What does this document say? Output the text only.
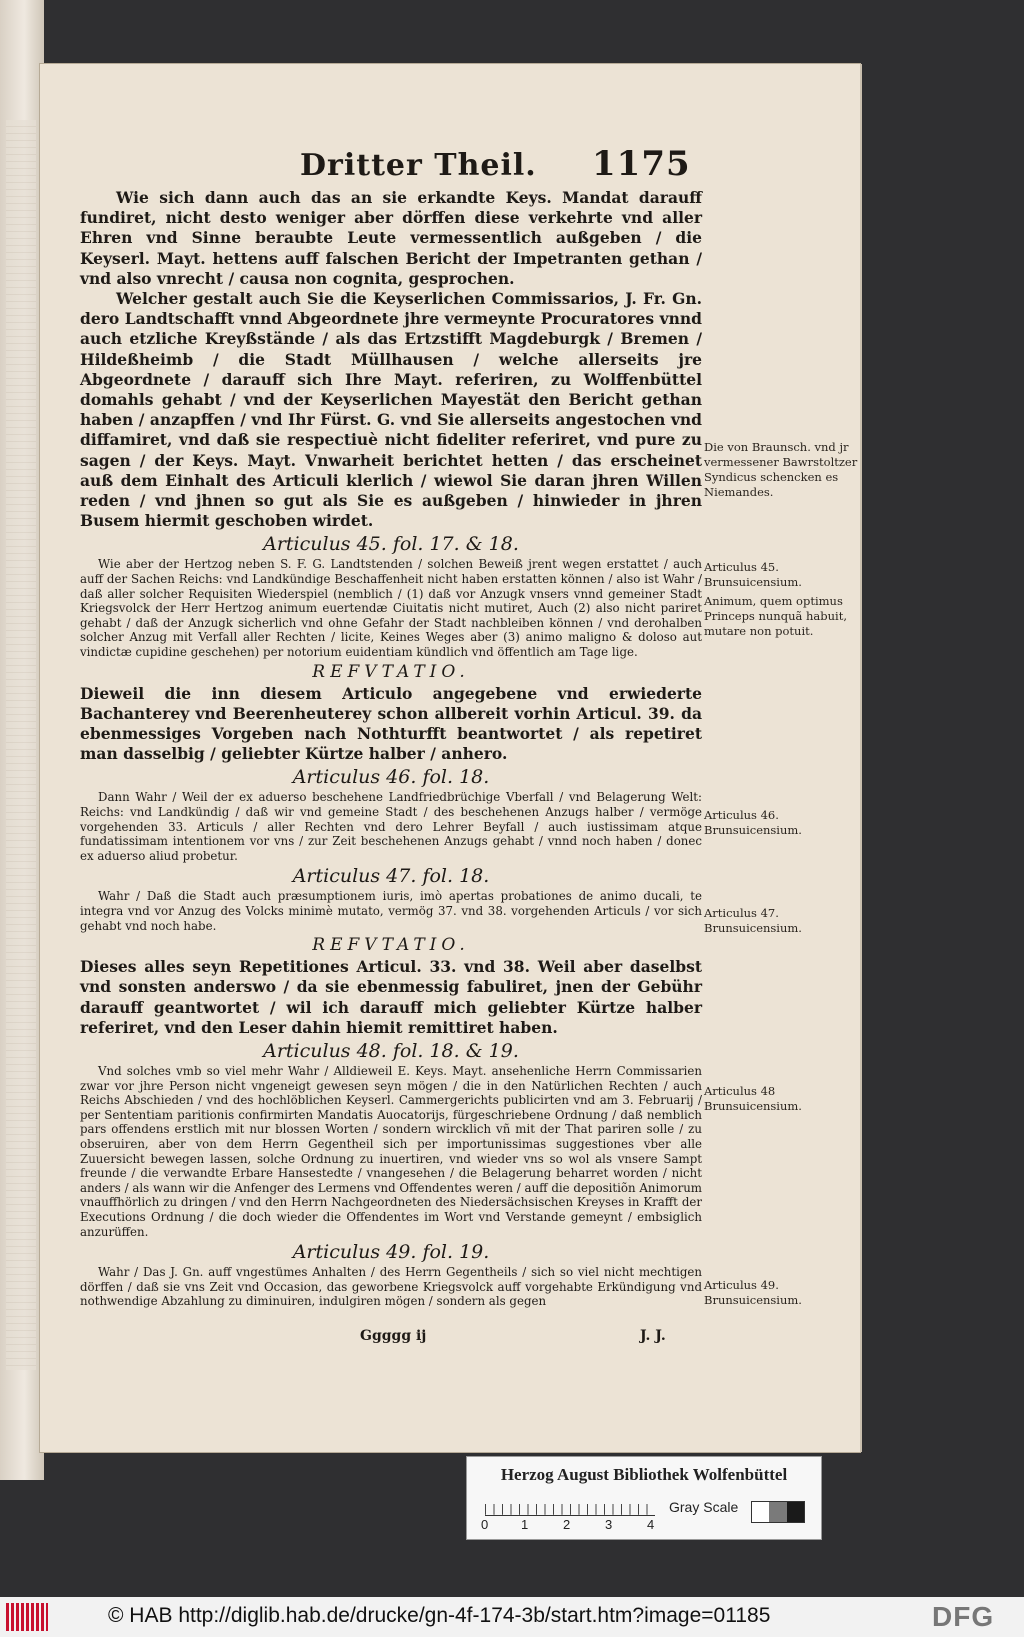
Dritter Theil. 1175

Wie sich dann auch das an sie erkandte Keys. Mandat darauff fundiret, nicht desto weniger aber dörffen diese verkehrte vnd aller Ehren vnd Sinne beraubte Leute vermessentlich außgeben / die Keyserl. Mayt. hettens auff falschen Bericht der Impetranten gethan / vnd also vnrecht / causa non cognita, gesprochen.

Welcher gestalt auch Sie die Keyserlichen Commissarios, J. Fr. Gn. dero Landtschafft vnnd Abgeordnete jhre vermeynte Procuratores vnnd auch etzliche Kreyßstände / als das Ertzstifft Magdeburgk / Bremen / Hildeßheimb / die Stadt Müllhausen / welche allerseits jre Abgeordnete / darauff sich Ihre Mayt. referiren, zu Wolffenbüttel domahls gehabt / vnd der Keyserlichen Mayestät den Bericht gethan haben / anzapffen / vnd Ihr Fürst. G. vnd Sie allerseits angestochen vnd diffamiret, vnd daß sie respectiuè nicht fideliter referiret, vnd pure zu sagen / der Keys. Mayt. Vnwarheit berichtet hetten / das erscheinet auß dem Einhalt des Articuli klerlich / wiewol Sie daran jhren Willen reden / vnd jhnen so gut als Sie es außgeben / hinwieder in jhren Busem hiermit geschoben wirdet.

Articulus 45. fol. 17. & 18.

Wie aber der Hertzog neben S. F. G. Landtstenden / solchen Beweiß jrent wegen erstattet / auch auff der Sachen Reichs: vnd Landkündige Beschaffenheit nicht haben erstatten können / also ist Wahr / daß aller solcher Requisiten Wiederspiel (nemblich / (1) daß vor Anzugk vnsers vnnd gemeiner Stadt Kriegsvolck der Herr Hertzog animum euertendæ Ciuitatis nicht mutiret, Auch (2) also nicht pariret gehabt / daß der Anzugk sicherlich vnd ohne Gefahr der Stadt nachbleiben können / vnd derohalben solcher Anzug mit Verfall aller Rechten / licite, Keines Weges aber (3) animo maligno & doloso aut vindictæ cupidine geschehen) per notorium euidentiam kündlich vnd öffentlich am Tage lige.

REFVTATIO.

Dieweil die inn diesem Articulo angegebene vnd erwiederte Bachanterey vnd Beerenheuterey schon allbereit vorhin Articul. 39. da ebenmessiges Vorgeben nach Nothturfft beantwortet / als repetiret man dasselbig / geliebter Kürtze halber / anhero.

Articulus 46. fol. 18.

Dann Wahr / Weil der ex aduerso beschehene Landfriedbrüchige Vberfall / vnd Belagerung Welt: Reichs: vnd Landkündig / daß wir vnd gemeine Stadt / des beschehenen Anzugs halber / vermöge vorgehenden 33. Articuls / aller Rechten vnd dero Lehrer Beyfall / auch iustissimam atque fundatissimam intentionem vor vns / zur Zeit beschehenen Anzugs gehabt / vnnd noch haben / donec ex aduerso aliud probetur.

Articulus 47. fol. 18.

Wahr / Daß die Stadt auch præsumptionem iuris, imò apertas probationes de animo ducali, te integra vnd vor Anzug des Volcks minimè mutato, vermög 37. vnd 38. vorgehenden Articuls / vor sich gehabt vnd noch habe.

REFVTATIO.

Dieses alles seyn Repetitiones Articul. 33. vnd 38. Weil aber daselbst vnd sonsten anderswo / da sie ebenmessig fabuliret, jnen der Gebühr darauff geantwortet / wil ich darauff mich geliebter Kürtze halber referiret, vnd den Leser dahin hiemit remittiret haben.

Articulus 48. fol. 18. & 19.

Vnd solches vmb so viel mehr Wahr / Alldieweil E. Keys. Mayt. ansehenliche Herrn Commissarien zwar vor jhre Person nicht vngeneigt gewesen seyn mögen / die in den Natürlichen Rechten / auch Reichs Abschieden / vnd des hochlöblichen Keyserl. Cammergerichts publicirten vnd am 3. Februarij / per Sententiam paritionis confirmirten Mandatis Auocatorijs, fürgeschriebene Ordnung / daß nemblich pars offendens erstlich mit nur blossen Worten / sondern wircklich vñ mit der That pariren solle / zu obseruiren, aber von dem Herrn Gegentheil sich per importunissimas suggestiones vber alle Zuuersicht bewegen lassen, solche Ordnung zu inuertiren, vnd wieder vns so wol als vnsere Sampt freunde / die verwandte Erbare Hansestedte / vnangesehen / die Belagerung beharret worden / nicht anders / als wann wir die Anfenger des Lermens vnd Offendentes weren / auff die depositiõn Animorum vnauffhörlich zu dringen / vnd den Herrn Nachgeordneten des Niedersächsischen Kreyses in Krafft der Executions Ordnung / die doch wieder die Offendentes im Wort vnd Verstande gemeynt / embsiglich anzurüffen.

Articulus 49. fol. 19.

Wahr / Das J. Gn. auff vngestümes Anhalten / des Herrn Gegentheils / sich so viel nicht mechtigen dörffen / daß sie vns Zeit vnd Occasion, das geworbene Kriegsvolck auff vorgehabte Erkündigung vnd nothwendige Abzahlung zu diminuiren, indulgiren mögen / sondern als gegen

Die von Braunsch. vnd jr vermessener Bawrstoltzer Syndicus schencken es Niemandes.
Articulus 45. Brunsuicensium.
Animum, quem optimus Princeps nunquã habuit, mutare non potuit.
Articulus 46. Brunsuicensium.
Articulus 47. Brunsuicensium.
Articulus 48 Brunsuicensium.
Articulus 49. Brunsuicensium.
Ggggg ij	J. J.
Herzog August Bibliothek Wolfenbüttel
0	1	2	3	4
Gray Scale
© HAB http://diglib.hab.de/drucke/gn-4f-174-3b/start.htm?image=01185	DFG
